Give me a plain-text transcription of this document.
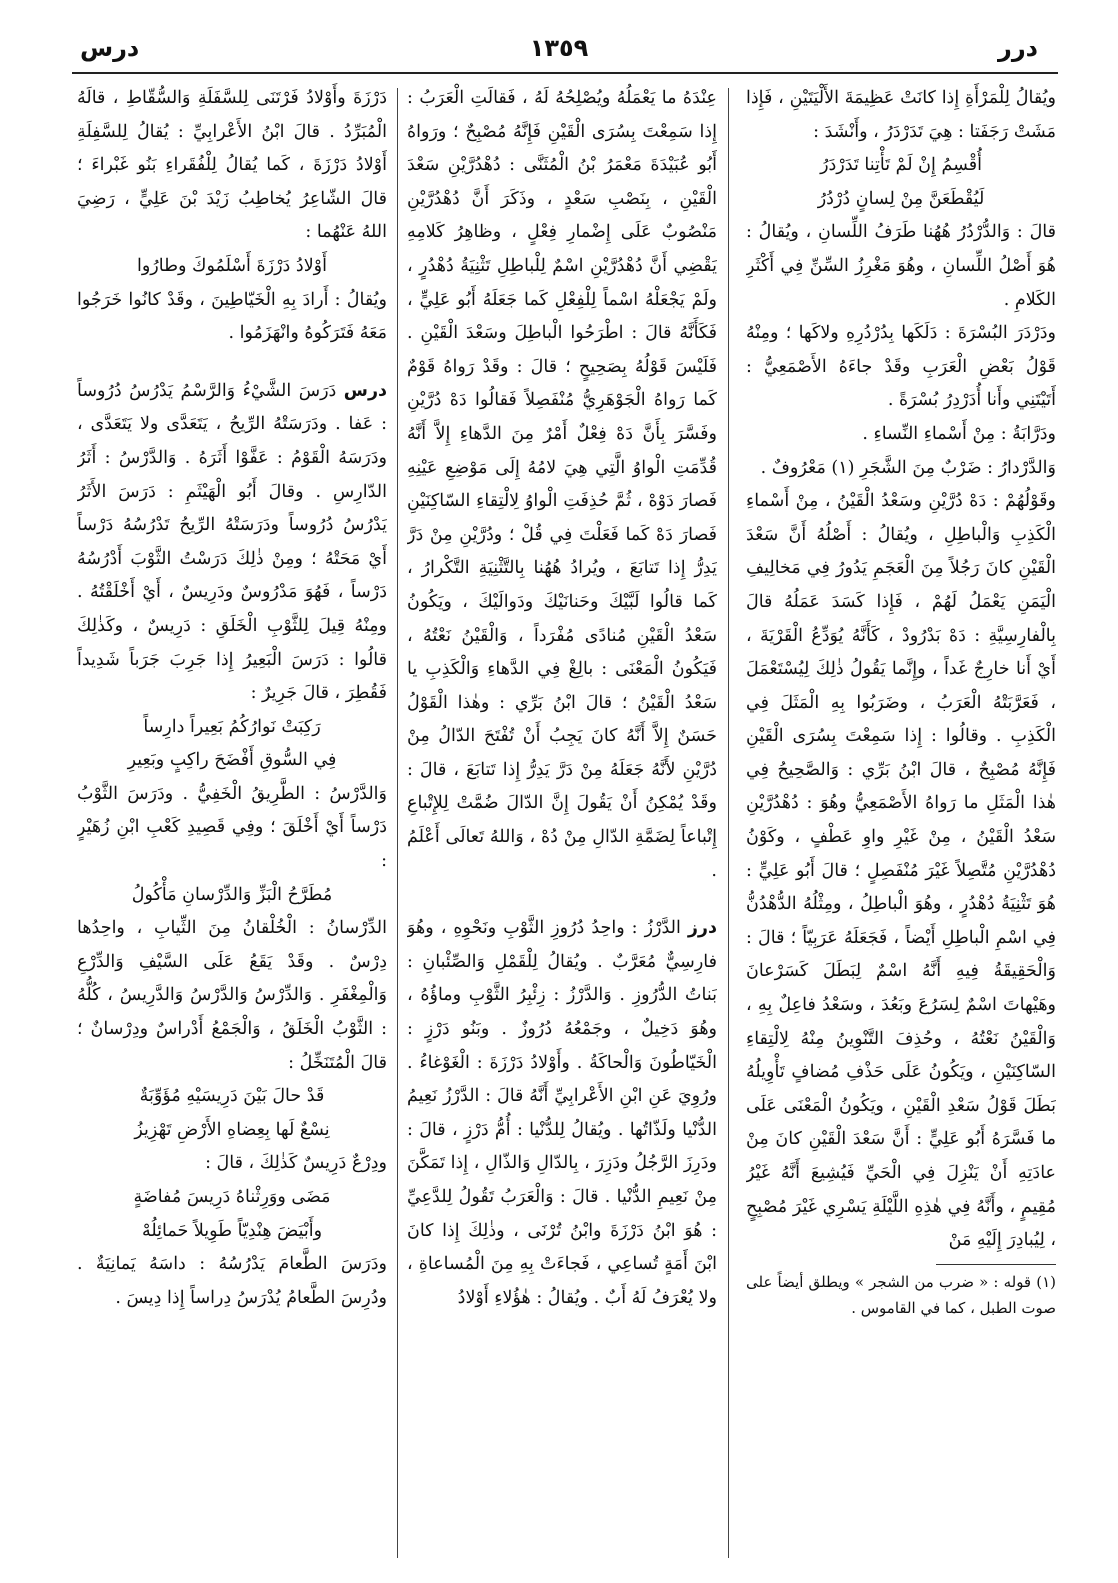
درر
١٣٥٩
درس

ويُقالُ لِلْمَرْأَةِ إِذا كانَتْ عَظِيمَةَ الأَلْيَتَيْنِ ، فَإِذا مَشَتْ رَجَفَتا : هِيَ تَدَرْدَرُ ، وأَنْشَدَ :

أُقْسِمُ إِنْ لَمْ تَأْتِنا تَدَرْدَرُ

لَيُقْطَعَنَّ مِنْ لِسانٍ دُرْدُرُ

قالَ : وَالدُّرْدُرُ هُهُنا طَرَفُ اللِّسانِ ، ويُقالُ : هُوَ أَصْلُ اللِّسانِ ، وهُوَ مَغْرِزُ السِّنِّ فِي أَكْثَرِ الكَلامِ .

ودَرْدَرَ البُسْرَةَ : دَلَكَها بِدُرْدُرِهِ ولاكَها ؛ ومِنْهُ قَوْلُ بَعْضِ الْعَرَبِ وقَدْ جاءَهُ الأَصْمَعِيُّ : أَتَيْتَنِي وأَنا أُدَرْدِرُ بُسْرَةً .

ودَرَّابَةُ : مِنْ أَسْماءِ النِّساءِ .

وَالدَّرْدارُ : ضَرْبٌ مِنَ الشَّجَرِ (١) مَعْرُوفٌ .

وقَوْلُهُمْ : دَهْ دُرَّيْنِ وسَعْدُ الْقَيْنُ ، مِنْ أَسْماءِ الْكَذِبِ وَالْباطِلِ ، ويُقالُ : أَصْلُهُ أَنَّ سَعْدَ الْقَيْنِ كانَ رَجُلاً مِنَ الْعَجَمِ يَدُورُ فِي مَخالِيفِ الْيَمَنِ يَعْمَلُ لَهُمْ ، فَإِذا كَسَدَ عَمَلُهُ قالَ بِالْفارِسِيَّةِ : دَهْ بَدْرُودْ ، كَأَنَّهُ يُوَدِّعُ الْقَرْيَةَ ، أَيْ أَنا خارِجٌ غَداً ، وإِنَّما يَقُولُ ذٰلِكَ لِيُسْتَعْمَلَ ، فَعَرَّبَتْهُ الْعَرَبُ ، وضَرَبُوا بِهِ الْمَثَلَ فِي الْكَذِبِ . وقالُوا : إِذا سَمِعْتَ بِسُرَى الْقَيْنِ فَإِنَّهُ مُصْبِحٌ ، قالَ ابْنُ بَرِّي : وَالصَّحِيحُ فِي هٰذا الْمَثَلِ ما رَواهُ الأَصْمَعِيُّ وهُوَ : دُهْدُرَّيْنِ سَعْدُ الْقَيْنُ ، مِنْ غَيْرِ واوِ عَطْفٍ ، وكَوْنُ دُهْدُرَّيْنِ مُتَّصِلاً غَيْرَ مُنْفَصِلٍ ؛ قالَ أَبُو عَلِيٍّ : هُوَ تَثْنِيَةُ دُهْدُرٍ ، وهُوَ الْباطِلُ ، ومِثْلُهُ الدُّهْدُنُّ فِي اسْمِ الْباطِلِ أَيْضاً ، فَجَعَلَهُ عَرَبِيّاً ؛ قالَ : وَالْحَقِيقَةُ فِيهِ أَنَّهُ اسْمٌ لِبَطَلَ كَسَرْعانَ وهَيْهاتَ اسْمٌ لِسَرُعَ وبَعُدَ ، وسَعْدُ فاعِلٌ بِهِ ، وَالْقَيْنُ نَعْتُهُ ، وحُذِفَ التَّنْوِينُ مِنْهُ لِالْتِقاءِ السّاكِنَيْنِ ، ويَكُونُ عَلَى حَذْفِ مُضافٍ تَأْوِيلُهُ بَطَلَ قَوْلُ سَعْدِ الْقَيْنِ ، ويَكُونُ الْمَعْنَى عَلَى ما فَسَّرَهُ أَبُو عَلِيٍّ : أَنَّ سَعْدَ الْقَيْنِ كانَ مِنْ عادَتِهِ أَنْ يَنْزِلَ فِي الْحَيِّ فَيُشِيعَ أَنَّهُ غَيْرُ مُقِيمٍ ، وأَنَّهُ فِي هٰذِهِ اللَّيْلَةِ يَسْرِي غَيْرَ مُصْبِحٍ ، لِيُبادِرَ إِلَيْهِ مَنْ

(١) قوله : « ضرب من الشجر » ويطلق أيضاً على صوت الطبل ، كما في القاموس .

عِنْدَهُ ما يَعْمَلُهُ ويُصْلِحُهُ لَهُ ، فَقالَتِ الْعَرَبُ : إِذا سَمِعْتَ بِسُرَى الْقَيْنِ فَإِنَّهُ مُصْبِحٌ ؛ ورَواهُ أَبُو عُبَيْدَةَ مَعْمَرُ بْنُ الْمُثَنَّى : دُهْدُرَّيْنِ سَعْدَ الْقَيْنِ ، بِنَصْبِ سَعْدٍ ، وذَكَرَ أَنَّ دُهْدُرَّيْنِ مَنْصُوبٌ عَلَى إِضْمارِ فِعْلٍ ، وظاهِرُ كَلامِهِ يَقْضِي أَنَّ دُهْدُرَّيْنِ اسْمٌ لِلْباطِلِ تَثْنِيَةُ دُهْدُرٍ ، ولَمْ يَجْعَلْهُ اسْماً لِلْفِعْلِ كَما جَعَلَهُ أَبُو عَلِيٍّ ، فَكَأَنَّهُ قالَ : اطْرَحُوا الْباطِلَ وسَعْدَ الْقَيْنِ . فَلَيْسَ قَوْلُهُ بِصَحِيحٍ ؛ قالَ : وقَدْ رَواهُ قَوْمٌ كَما رَواهُ الْجَوْهَرِيُّ مُنْفَصِلاً فَقالُوا دَهْ دُرَّيْنِ وفَسَّرَ بِأَنَّ دَهْ فِعْلٌ أَمْرٌ مِنَ الدَّهاءِ إِلاَّ أَنَّهُ قُدِّمَتِ الْواوُ الَّتِي هِيَ لامُهُ إِلَى مَوْضِعِ عَيْنِهِ فَصارَ دَوْهْ ، ثُمَّ حُذِفَتِ الْواوُ لِالْتِقاءِ السّاكِنَيْنِ فَصارَ دَهْ كَما فَعَلْتَ فِي قُلْ ؛ ودُرَّيْنِ مِنْ دَرَّ يَدِرُّ إِذا تَتابَعَ ، ويُرادُ هُهُنا بِالتَّثْنِيَةِ التَّكْرارُ ، كَما قالُوا لَبَّيْكَ وحَنانَيْكَ ودَوالَيْكَ ، ويَكُونُ سَعْدُ الْقَيْنِ مُنادًى مُفْرَداً ، وَالْقَيْنُ نَعْتُهُ ، فَيَكُونُ الْمَعْنَى : بالِغْ فِي الدَّهاءِ وَالْكَذِبِ يا سَعْدُ الْقَيْنُ ؛ قالَ ابْنُ بَرِّي : وهٰذا الْقَوْلُ حَسَنٌ إِلاَّ أَنَّهُ كانَ يَجِبُ أَنْ تُفْتَحَ الدّالُ مِنْ دُرَّيْنِ لأَنَّهُ جَعَلَهُ مِنْ دَرَّ يَدِرُّ إِذا تَتابَعَ ، قالَ : وقَدْ يُمْكِنُ أَنْ يَقُولَ إِنَّ الدّالَ ضُمَّتْ لِلإِتْباعِ إِتْباعاً لِضَمَّةِ الدّالِ مِنْ دُهْ ، وَاللهُ تَعالَى أَعْلَمُ .

درز الدَّرْزُ : واحِدُ دُرُوزِ الثَّوْبِ ونَحْوِهِ ، وهُوَ فارِسِيٌّ مُعَرَّبٌ . ويُقالُ لِلْقَمْلِ وَالصِّئْبانِ : بَناتُ الدُّرُوزِ . وَالدَّرْزُ : زِئْبِرُ الثَّوْبِ وماؤُهُ ، وهُوَ دَخِيلٌ ، وجَمْعُهُ دُرُوزٌ . وبَنُو دَرْزٍ : الْخَيّاطُونَ وَالْحاكَةُ . وأَوْلادُ دَرْزَةَ : الْغَوْغاءُ . ورُوِيَ عَنِ ابْنِ الأَعْرابِيِّ أَنَّهُ قالَ : الدَّرْزُ نَعِيمُ الدُّنْيا ولَذّاتُها . ويُقالُ لِلدُّنْيا : أُمُّ دَرْزٍ ، قالَ : ودَرِزَ الرَّجُلُ ودَزِرَ ، بِالدّالِ وَالذّالِ ، إِذا تَمَكَّنَ مِنْ نَعِيمِ الدُّنْيا . قالَ : وَالْعَرَبُ تَقُولُ لِلدَّعِيِّ : هُوَ ابْنُ دَرْزَةَ وابْنُ تُرْنَى ، وذٰلِكَ إِذا كانَ ابْنَ أَمَةٍ تُساعِي ، فَجاءَتْ بِهِ مِنَ الْمُساعاةِ ، ولا يُعْرَفُ لَهُ أَبٌ . ويُقالُ : هٰؤُلاءِ أَوْلادُ

دَرْزَةَ وأَوْلادُ فَرْتَنَى لِلسَّفَلَةِ وَالسُّقّاطِ ، قالَهُ الْمُبَرِّدُ . قالَ ابْنُ الأَعْرابِيِّ : يُقالُ لِلسَّفِلَةِ أَوْلادُ دَرْزَةَ ، كَما يُقالُ لِلْفُقَراءِ بَنُو غَبْراءَ ؛ قالَ الشّاعِرُ يُخاطِبُ زَيْدَ بْنَ عَلِيٍّ ، رَضِيَ اللهُ عَنْهُما :

أَوْلادُ دَرْزَةَ أَسْلَمُوكَ وطارُوا

ويُقالُ : أَرادَ بِهِ الْخَيّاطِينَ ، وقَدْ كانُوا خَرَجُوا مَعَهُ فَتَرَكُوهُ وانْهَزَمُوا .

درس دَرَسَ الشَّيْءُ وَالرَّسْمُ يَدْرُسُ دُرُوساً : عَفا . ودَرَسَتْهُ الرِّيحُ ، يَتَعَدَّى ولا يَتَعَدَّى ، ودَرَسَهُ الْقَوْمُ : عَفَّوْا أَثَرَهُ . وَالدَّرْسُ : أَثَرُ الدّارِسِ . وقالَ أَبُو الْهَيْثَمِ : دَرَسَ الأَثَرُ يَدْرُسُ دُرُوساً ودَرَسَتْهُ الرِّيحُ تَدْرُسُهُ دَرْساً أَيْ مَحَتْهُ ؛ ومِنْ ذٰلِكَ دَرَسْتُ الثَّوْبَ أَدْرُسُهُ دَرْساً ، فَهُوَ مَدْرُوسٌ ودَرِيسٌ ، أَيْ أَخْلَقْتُهُ . ومِنْهُ قِيلَ لِلثَّوْبِ الْخَلَقِ : دَرِيسٌ ، وكَذٰلِكَ قالُوا : دَرَسَ الْبَعِيرُ إِذا جَرِبَ جَرَباً شَدِيداً فَقُطِرَ ، قالَ جَرِيرٌ :

رَكِبَتْ نَوارُكُمُ بَعِيراً دارِساً

فِي السُّوقِ أَفْضَحَ راكِبٍ وبَعِيرِ

وَالدَّرْسُ : الطَّرِيقُ الْخَفِيُّ . ودَرَسَ الثَّوْبُ دَرْساً أَيْ أَخْلَقَ ؛ وفِي قَصِيدِ كَعْبِ ابْنِ زُهَيْرٍ :

مُطَرَّحُ الْبَزِّ وَالدِّرْسانِ مَأْكُولُ

الدِّرْسانُ : الْخُلْقانُ مِنَ الثِّيابِ ، واحِدُها دِرْسٌ . وقَدْ يَقَعُ عَلَى السَّيْفِ وَالدِّرْعِ وَالْمِغْفَرِ . وَالدِّرْسُ وَالدَّرْسُ وَالدَّرِيسُ ، كُلُّهُ : الثَّوْبُ الْخَلَقُ ، وَالْجَمْعُ أَدْراسٌ ودِرْسانٌ ؛ قالَ الْمُتَنَخِّلُ :

قَدْ حالَ بَيْنَ دَرِيسَيْهِ مُؤَوِّبَةٌ

نِسْعٌ لَها بِعِضاهِ الأَرْضِ تَهْزِيزُ

ودِرْعٌ دَرِيسٌ كَذٰلِكَ ، قالَ :

مَضَى ووَرِثْناهُ دَرِيسَ مُفاضَةٍ

وأَبْيَضَ هِنْدِيّاً طَوِيلاً حَمائِلُهْ

ودَرَسَ الطَّعامَ يَدْرُسُهُ : داسَهُ يَمانِيَةٌ . ودُرِسَ الطَّعامُ يُدْرَسُ دِراساً إِذا دِيسَ .
